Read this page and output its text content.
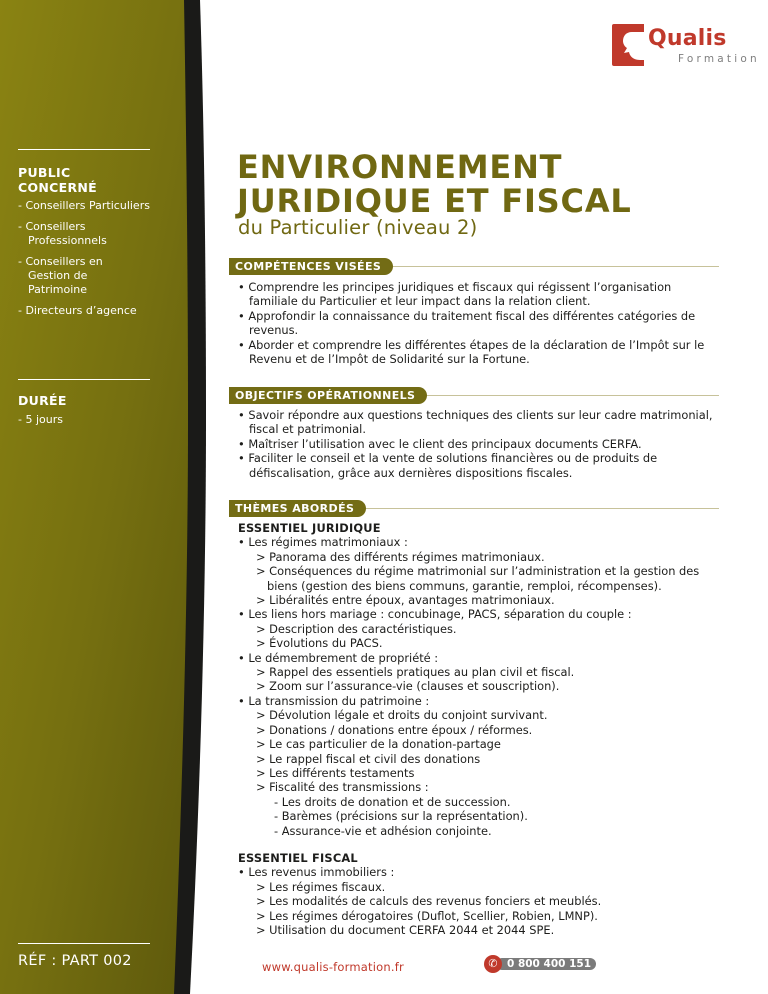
Qualis
Formation
PUBLIC CONCERNÉ
- Conseillers Particuliers
- Conseillers Professionnels
- Conseillers en Gestion de Patrimoine
- Directeurs d’agence
DURÉE
- 5 jours
RÉF : PART 002
ENVIRONNEMENT
JURIDIQUE ET FISCAL
du Particulier (niveau 2)
COMPÉTENCES VISÉES
• Comprendre les principes juridiques et fiscaux qui régissent l’organisation familiale du Particulier et leur impact dans la relation client.
• Approfondir la connaissance du traitement fiscal des différentes catégories de revenus.
• Aborder et comprendre les différentes étapes de la déclaration de l’Impôt sur le Revenu et de l’Impôt de Solidarité sur la Fortune.
OBJECTIFS OPÉRATIONNELS
• Savoir répondre aux questions techniques des clients sur leur cadre matrimonial, fiscal et patrimonial.
• Maîtriser l’utilisation avec le client des principaux documents CERFA.
• Faciliter le conseil et la vente de solutions financières ou de produits de défiscalisation, grâce aux dernières dispositions fiscales.
THÈMES ABORDÉS
ESSENTIEL JURIDIQUE
• Les régimes matrimoniaux :
> Panorama des différents régimes matrimoniaux.
> Conséquences du régime matrimonial sur l’administration et la gestion des biens (gestion des biens communs, garantie, remploi, récompenses).
> Libéralités entre époux, avantages matrimoniaux.
• Les liens hors mariage : concubinage, PACS, séparation du couple :
> Description des caractéristiques.
> Évolutions du PACS.
• Le démembrement de propriété :
> Rappel des essentiels pratiques au plan civil et fiscal.
> Zoom sur l’assurance-vie (clauses et souscription).
• La transmission du patrimoine :
> Dévolution légale et droits du conjoint survivant.
> Donations / donations entre époux / réformes.
> Le cas particulier de la donation-partage
> Le rappel fiscal et civil des donations
> Les différents testaments
> Fiscalité des transmissions :
- Les droits de donation et de succession.
- Barèmes (précisions sur la représentation).
- Assurance-vie et adhésion conjointe.
ESSENTIEL FISCAL
• Les revenus immobiliers :
> Les régimes fiscaux.
> Les modalités de calculs des revenus fonciers et meublés.
> Les régimes dérogatoires (Duflot, Scellier, Robien, LMNP).
> Utilisation du document CERFA 2044 et 2044 SPE.
www.qualis-formation.fr	0 800 400 151
✆
